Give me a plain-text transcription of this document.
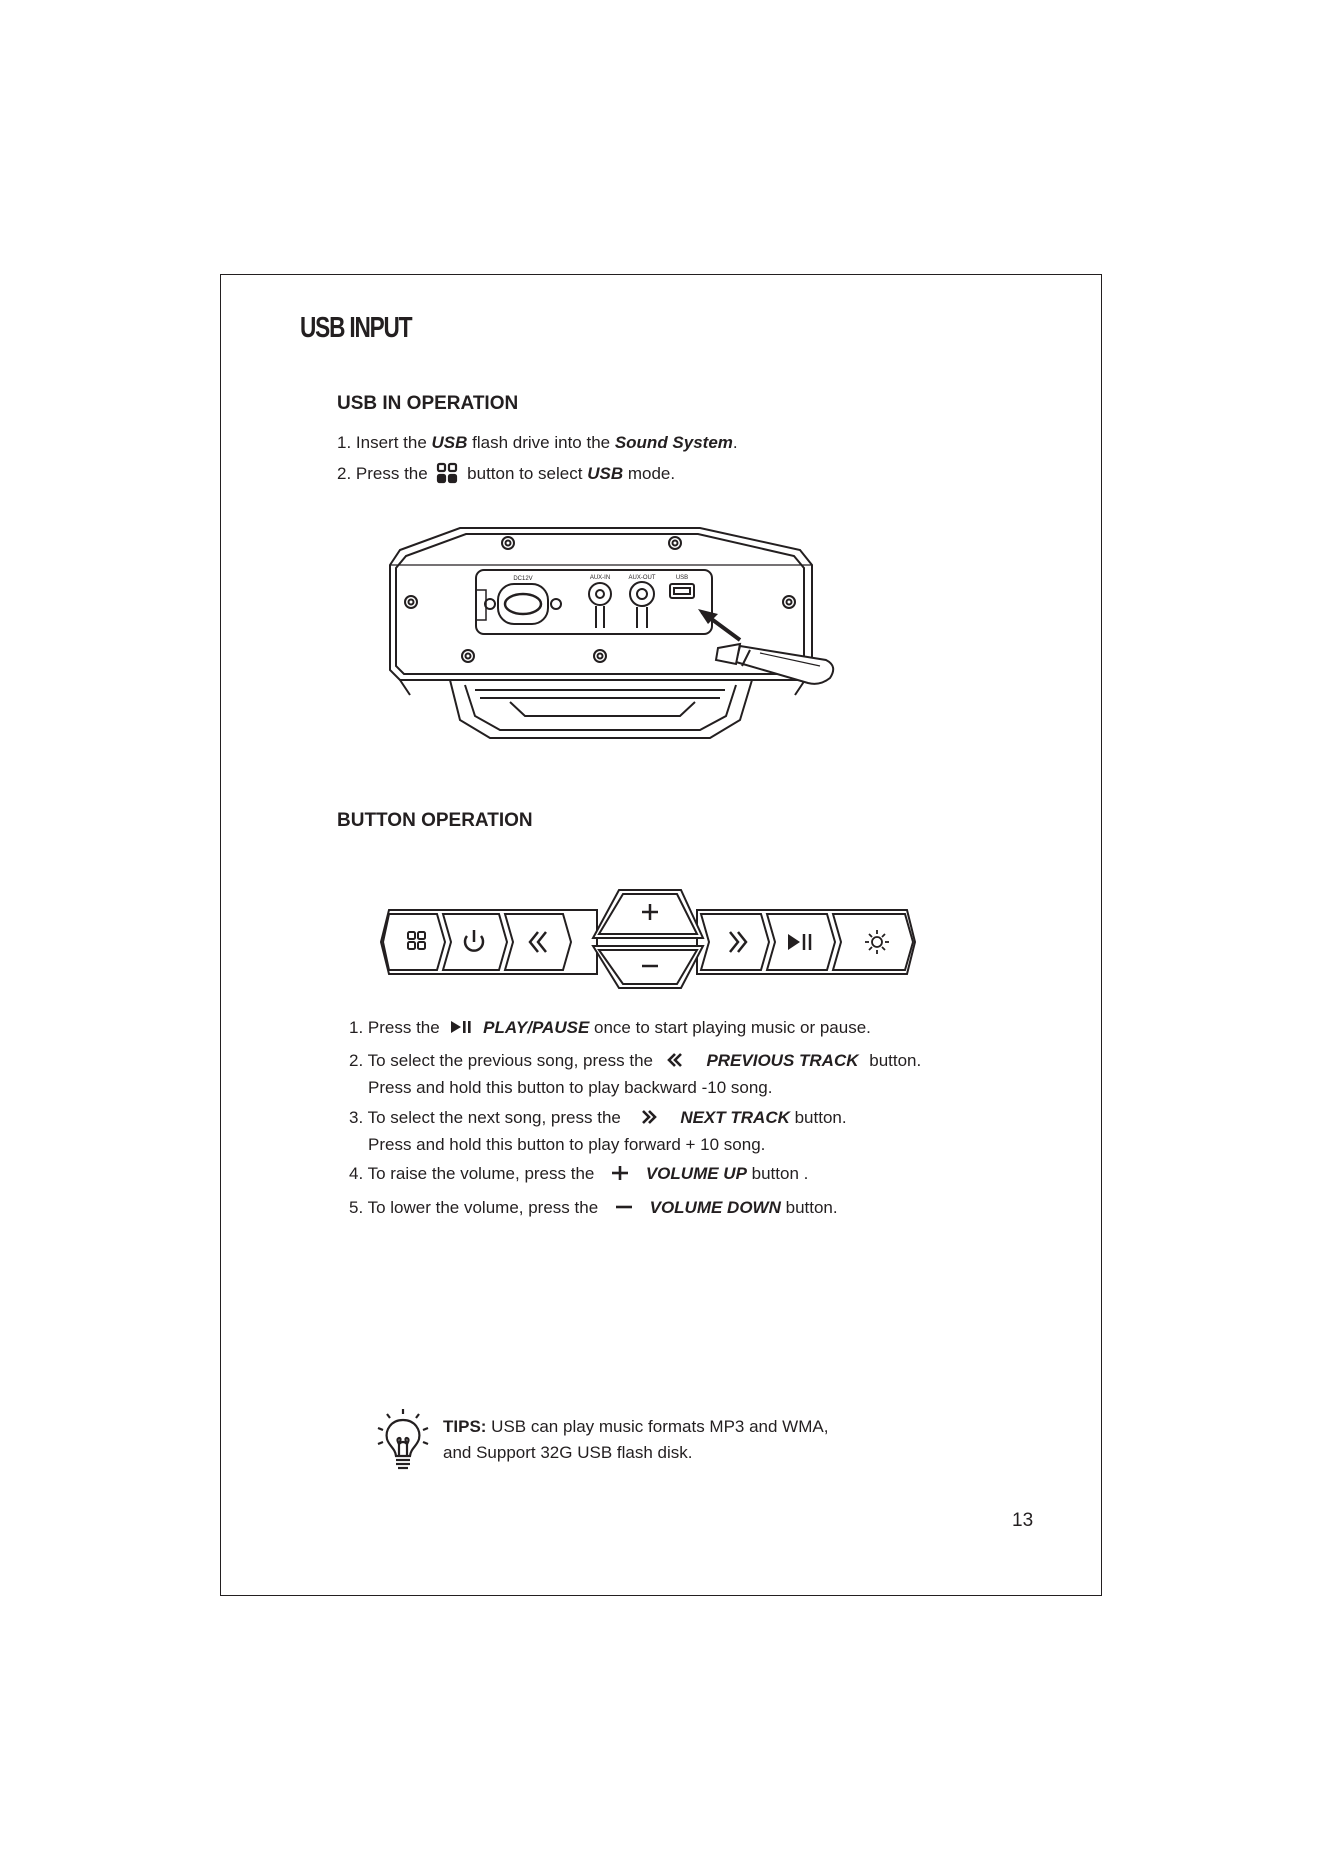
USB INPUT
USB IN OPERATION
1. Insert the USB flash drive into the Sound System.
2. Press the  button to select USB mode.
DC12V	AUX-IN	AUX-OUT	USB
BUTTON OPERATION
1. Press the  PLAY/PAUSE once to start playing music or pause.
2. To select the previous song, press the	PREVIOUS TRACK button.
Press and hold this button to play backward -10 song.
3. To select the next song, press the	NEXT TRACK button.
Press and hold this button to play forward + 10 song.
4. To raise the volume, press the	VOLUME UP button .
5. To lower the volume, press the	VOLUME DOWN button.
TIPS: USB can play music formats MP3 and WMA,
and Support 32G USB flash disk.
13
